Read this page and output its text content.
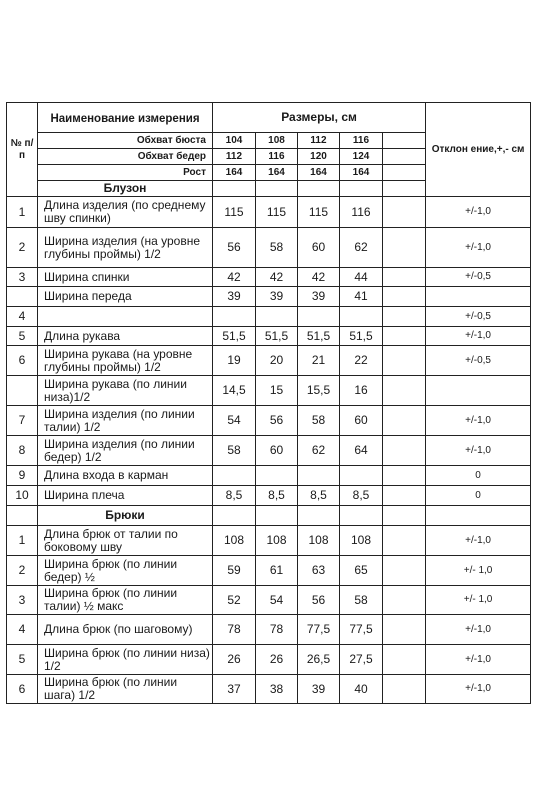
№ п/п	Наименование измерения	Размеры, см					Отклон ение,+,- см
	Обхват бюста	104	108	112	116		
	Обхват бедер	112	116	120	124		
	Рост	164	164	164	164		
	Блузон						
1	Длина изделия (по среднему шву спинки)	115	115	115	116		+/-1,0
2	Ширина изделия (на уровне глубины проймы) 1/2	56	58	60	62		+/-1,0
3	Ширина спинки	42	42	42	44		+/-0,5
	Ширина переда	39	39	39	41		
4							+/-0,5
5	Длина рукава	51,5	51,5	51,5	51,5		+/-1,0
6	Ширина рукава (на уровне глубины проймы) 1/2	19	20	21	22		+/-0,5
	Ширина рукава (по линии низа)1/2	14,5	15	15,5	16		
7	Ширина изделия (по линии талии) 1/2	54	56	58	60		+/-1,0
8	Ширина изделия (по линии бедер) 1/2	58	60	62	64		+/-1,0
9	Длина входа в карман						0
10	Ширина плеча	8,5	8,5	8,5	8,5		0
	Брюки						
1	Длина брюк от талии по боковому шву	108	108	108	108		+/-1,0
2	Ширина брюк (по линии бедер) ½	59	61	63	65		+/- 1,0
3	Ширина брюк (по линии талии) ½ макс	52	54	56	58		+/- 1,0
4	Длина брюк (по шаговому)	78	78	77,5	77,5		+/-1,0
5	Ширина брюк (по линии низа) 1/2	26	26	26,5	27,5		+/-1,0
6	Ширина брюк (по линии шага) 1/2	37	38	39	40		+/-1,0
